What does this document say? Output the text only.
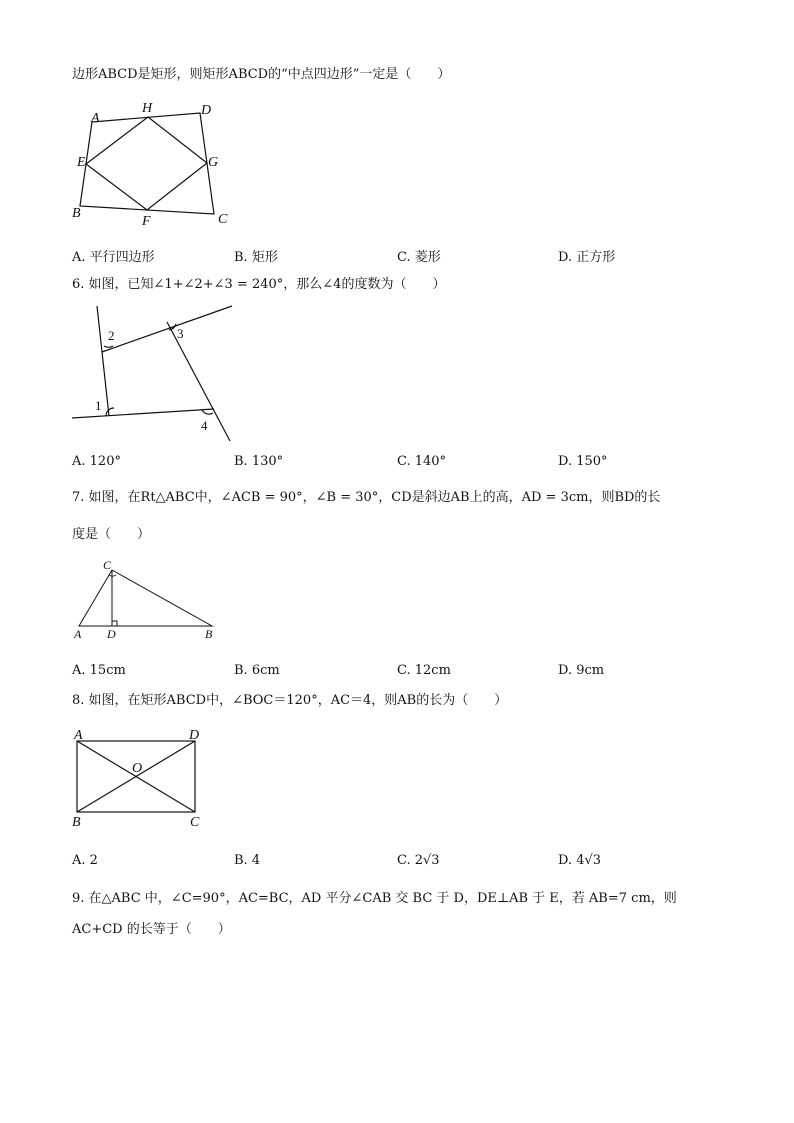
边形ABCD是矩形，则矩形ABCD的“中点四边形”一定是（　　）
A
H	D
E	G
B
F	C
A. 平行四边形	B. 矩形	C. 菱形	D. 正方形
6. 如图，已知∠1+∠2+∠3 = 240°，那么∠4的度数为（　　）
2	3
1
4
A. 120°	B. 130°	C. 140°	D. 150°
7. 如图，在Rt△ABC中，∠ACB = 90°，∠B = 30°，CD是斜边AB上的高，AD = 3cm，则BD的长
度是（　　）
C
A D	B
A. 15cm	B. 6cm	C. 12cm	D. 9cm
8. 如图，在矩形ABCD中，∠BOC＝120°，AC＝4，则AB的长为（　　）
A	D
O
B	C
A. 2	B. 4	C. 2√3	D. 4√3
9. 在△ABC 中，∠C=90°，AC=BC，AD 平分∠CAB 交 BC 于 D，DE⊥AB 于 E，若 AB=7 cm，则
AC+CD 的长等于（　　）
